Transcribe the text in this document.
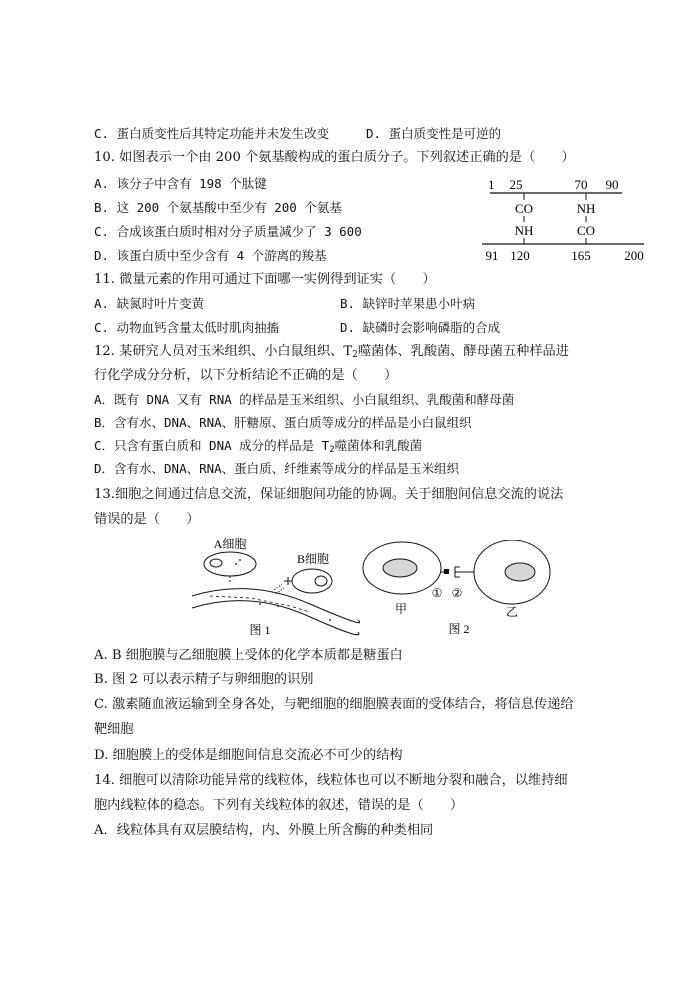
C. 蛋白质变性后其特定功能并未发生改变	D. 蛋白质变性是可逆的
10. 如图表示一个由 200 个氨基酸构成的蛋白质分子。下列叙述正确的是（　　）
A. 该分子中含有 198 个肽键
B. 这 200 个氨基酸中至少有 200 个氨基
C. 合成该蛋白质时相对分子质量减少了 3 600
D. 该蛋白质中至少含有 4 个游离的羧基
1 25	70 90
CO	NH
NH	CO
91 120	165	200
11. 微量元素的作用可通过下面哪一实例得到证实（　　）
A. 缺氮时叶片变黄	B. 缺锌时苹果患小叶病
C. 动物血钙含量太低时肌肉抽搐	D. 缺磷时会影响磷脂的合成
12. 某研究人员对玉米组织、小白鼠组织、$T_2$噬菌体、乳酸菌、酵母菌五种样品进
行化学成分分析，以下分析结论不正确的是（　　）
A．既有 DNA 又有 RNA 的样品是玉米组织、小白鼠组织、乳酸菌和酵母菌
B．含有水、DNA、RNA、肝糖原、蛋白质等成分的样品是小白鼠组织
C．只含有蛋白质和 DNA 成分的样品是 $T_2$噬菌体和乳酸菌
D．含有水、DNA、RNA、蛋白质、纤维素等成分的样品是玉米组织
13.细胞之间通过信息交流，保证细胞间功能的协调。关于细胞间信息交流的说法
错误的是（　　）
A细胞
B细胞
图 1
① ②
甲	乙
图 2
A. B 细胞膜与乙细胞膜上受体的化学本质都是糖蛋白
B. 图 2 可以表示精子与卵细胞的识别
C. 激素随血液运输到全身各处，与靶细胞的细胞膜表面的受体结合，将信息传递给
靶细胞
D. 细胞膜上的受体是细胞间信息交流必不可少的结构
14. 细胞可以清除功能异常的线粒体，线粒体也可以不断地分裂和融合，以维持细
胞内线粒体的稳态。下列有关线粒体的叙述，错误的是（　　）
A．线粒体具有双层膜结构，内、外膜上所含酶的种类相同
